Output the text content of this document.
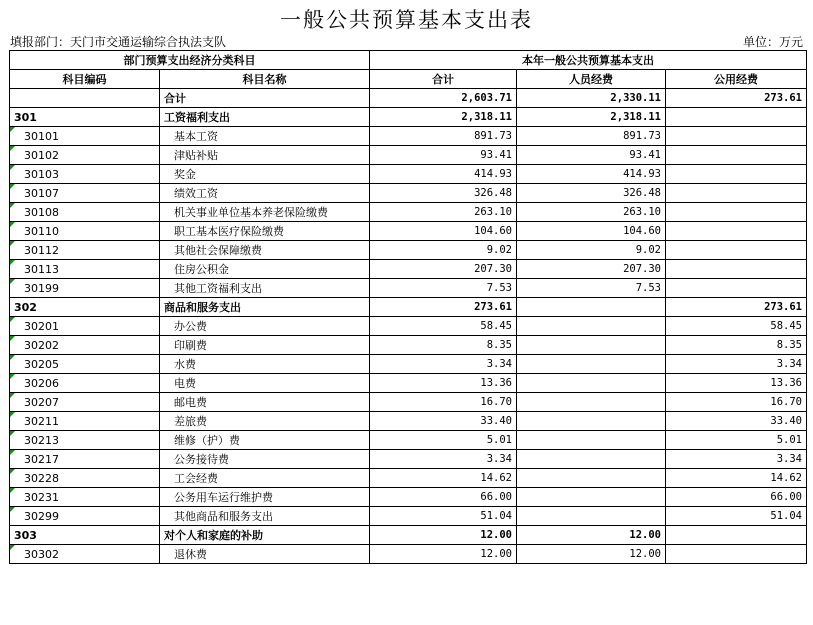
一般公共预算基本支出表
填报部门：天门市交通运输综合执法支队	单位：万元
部门预算支出经济分类科目		本年一般公共预算基本支出		
科目编码	科目名称	合计	人员经费	公用经费
	合计	2,603.71	2,330.11	273.61
301	工资福利支出	2,318.11	2,318.11	
30101	基本工资	891.73	891.73	
30102	津贴补贴	93.41	93.41	
30103	奖金	414.93	414.93	
30107	绩效工资	326.48	326.48	
30108	机关事业单位基本养老保险缴费	263.10	263.10	
30110	职工基本医疗保险缴费	104.60	104.60	
30112	其他社会保障缴费	9.02	9.02	
30113	住房公积金	207.30	207.30	
30199	其他工资福利支出	7.53	7.53	
302	商品和服务支出	273.61		273.61
30201	办公费	58.45		58.45
30202	印刷费	8.35		8.35
30205	水费	3.34		3.34
30206	电费	13.36		13.36
30207	邮电费	16.70		16.70
30211	差旅费	33.40		33.40
30213	维修（护）费	5.01		5.01
30217	公务接待费	3.34		3.34
30228	工会经费	14.62		14.62
30231	公务用车运行维护费	66.00		66.00
30299	其他商品和服务支出	51.04		51.04
303	对个人和家庭的补助	12.00	12.00	
30302	退休费	12.00	12.00	
